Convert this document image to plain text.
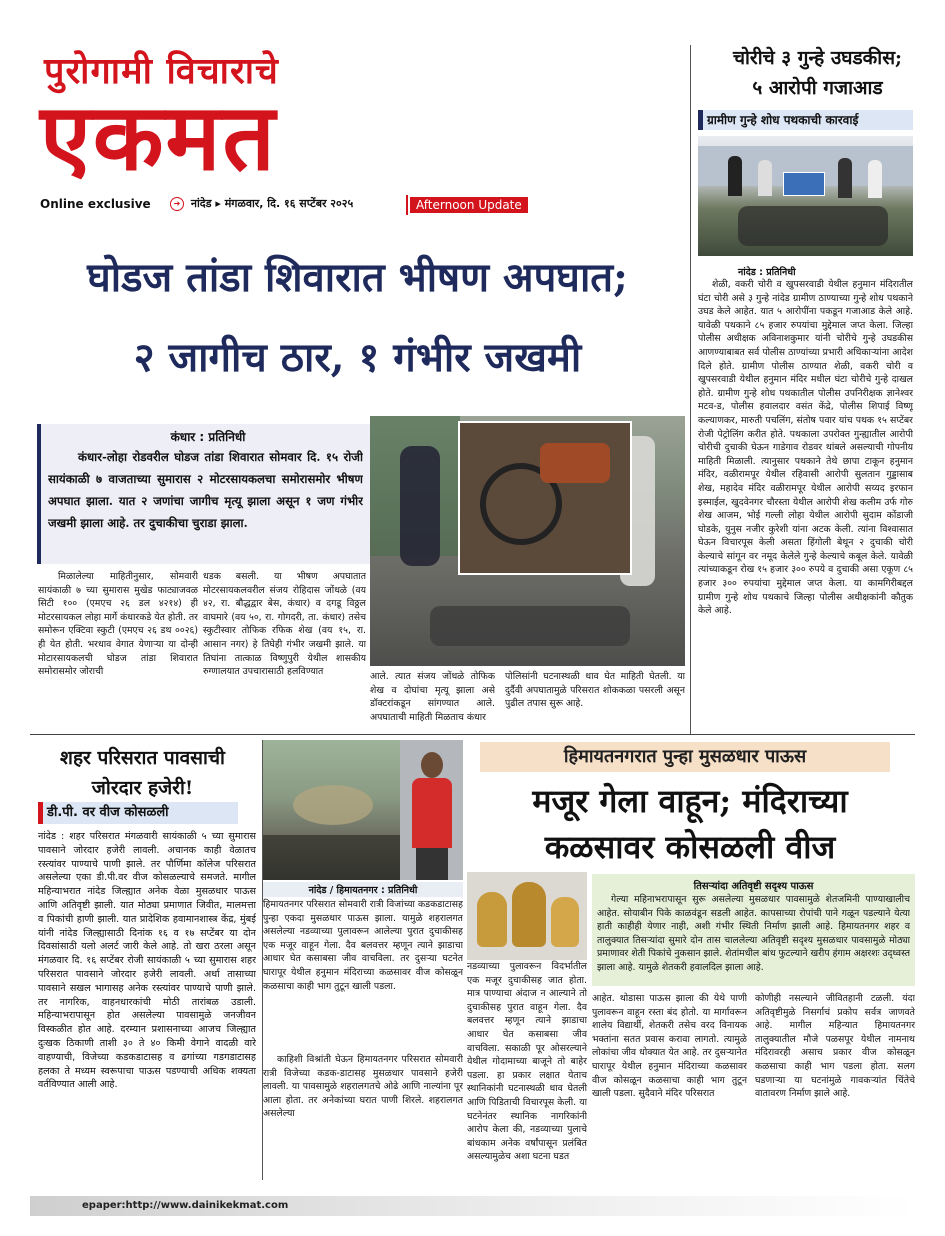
पुरोगामी विचाराचे
एकमत
Online exclusive	➜ नांदेड ▸ मंगळवार, दि. १६ सप्टेंबर २०२५	Afternoon Update
चोरीचे ३ गुन्हे उघडकीस;
५ आरोपी गजाआड
ग्रामीण गुन्हे शोध पथकाची कारवाई
नांदेड : प्रतिनिधी
शेळी, वकरी चोरी व खुपसरवाडी येथील हनुमान मंदिरातील घंटा चोरी असे ३ गुन्हे नांदेड ग्रामीण ठाण्याच्या गुन्हे शोध पथकाने उघड केले आहेत. यात ५ आरोपींना पकडून गजाआड केले आहे. यावेळी पथकाने ८५ हजार रुपयांचा मुद्देमाल जप्त केला. जिल्हा पोलीस अधीक्षक अविनाशकुमार यांनी चोरीचे गुन्हे उघडकीस आणण्याबाबत सर्व पोलीस ठाण्यांच्या प्रभारी अधिकाऱ्यांना आदेश दिले होते. ग्रामीण पोलीस ठाण्यात शेळी, वकरी चोरी व खुपसरवाडी येथील हनुमान मंदिर मधील घंटा चोरीचे गुन्हे दाखल होते. ग्रामीण गुन्हे शोध पथकातील पोलीस उपनिरीक्षक ज्ञानेश्वर मटव-ड, पोलीस हवालदार वसंत केंद्रे, पोलीस शिपाई विष्णू कल्याणकर, मारुती पचलिंग, संतोष पवार यांच पथक १५ सप्टेंबर रोजी पेट्रोलिंग करीत होते. पथकाला उपरोक्त गुन्ह्यातील आरोपी चोरीची दुचाकी घेऊन गाडेगाव रोडवर थांबले असल्याची गोपनीय माहिती मिळाली. त्यानुसार पथकाने तेथे छापा टाकून हनुमान मंदिर, वळीरामपूर येथील रहिवासी आरोपी सुलतान गुड्डासाब शेख, महादेव मंदिर वळीरामपूर येथील आरोपी सय्यद इरफान इस्माईल, खुदवेनगर चौरस्ता येथील आरोपी शेख कलीम उर्फ गोरु शेख आजम, भोई गल्ली लोहा येथील आरोपी सुदाम कोंडाजी घोडके, युनुस नजीर कुरेशी यांना अटक केली. त्यांना विश्वासात घेऊन विचारपूस केली असता हिंगोली बेथून २ दुचाकी चोरी केल्याचे सांगून वर नमूद केलेले गुन्हे केल्याचे कबूल केले. यावेळी त्यांच्याकडून रोख १५ हजार ३०० रुपये व दुचाकी असा एकूण ८५ हजार ३०० रुपयांचा मुद्देमाल जप्त केला. या कामगिरीबद्दल ग्रामीण गुन्हे शोध पथकाचे जिल्हा पोलीस अधीक्षकांनी कौतुक केले आहे.
घोडज तांडा शिवारात भीषण अपघात;
२ जागीच ठार, १ गंभीर जखमी
कंधार : प्रतिनिधी
कंधार-लोहा रोडवरील घोडज तांडा शिवारात सोमवार दि. १५ रोजी सायंकाळी ७ वाजताच्या सुमारास २ मोटरसायकलचा समोरासमोर भीषण अपघात झाला. यात २ जणांचा जागीच मृत्यू झाला असून १ जण गंभीर जखमी झाला आहे. तर दुचाकीचा चुराडा झाला.
मिळालेल्या माहितीनुसार, सोमवारी सायंकाळी ७ च्या सुमारास मुखेड फाट्याजवळ सिटी १०० (एमएच २६ डल ४२१४) ही मोटरसायकल लोहा मार्गे कंधारकडे येत होती. तर समोरून एक्टिवा स्कुटी (एमएच २६ डथ ००२६) ही येत होती. भरधाव वेगात येणाऱ्या या दोन्ही मोटारसायकलची घोडज तांडा शिवारात समोरासमोर जोराची
धडक बसली. या भीषण अपघातात मोटरसायकलवरील संजय रोहिदास जोंधळे (वय ४२, रा. बौद्धद्वार बेस, कंधार) व दगडू विठ्ठल वाघमारे (वय ५०, रा. गोगदरी, ता. कंधार) तसेच स्कुटीस्वार तोफिक रफिक शेख (वय १५, रा. आसान नगर) हे तिघेही गंभीर जखमी झाले. या तिघांना तात्काळ विष्णुपुरी येथील शासकीय रुग्णालयात उपचारासाठी हलविण्यात	आले. त्यात संजय जोंधळे तोफिक शेख व दोघांचा मृत्यू झाला असे डॉक्टरांकडून सांगण्यात आले. अपघाताची माहिती मिळताच कंधार
पोलिसांनी घटनास्थळी धाव घेत माहिती घेतली. या दुर्दैवी अपघातामुळे परिसरात शोककळा पसरली असून पुढील तपास सुरू आहे.
शहर परिसरात पावसाची
जोरदार हजेरी!
डी.पी. वर वीज कोसळली
नांदेड : शहर परिसरात मंगळवारी सायंकाळी ५ च्या सुमारास पावसाने जोरदार हजेरी लावली. अचानक काही वेळातच रस्त्यांवर पाण्याचे पाणी झाले. तर पौर्णिमा कॉलेज परिसरात असलेल्या एका डी.पी.वर वीज कोसळल्याचे समजते. मागील महिन्याभरात नांदेड जिल्ह्यात अनेक वेळा मुसळधार पाऊस आणि अतिवृष्टी झाली. यात मोठ्या प्रमाणात जिवीत, मालमत्ता व पिकांची हाणी झाली. यात प्रादेशिक हवामानशास्त्र केंद्र, मुंबई यांनी नांदेड जिल्ह्यासाठी दिनांक १६ व १७ सप्टेंबर या दोन दिवसांसाठी यलो अलर्ट जारी केले आहे. तो खरा ठरला असून मंगळवार दि. १६ सप्टेंबर रोजी सायंकाळी ५ च्या सुमारास शहर परिसरात पावसाने जोरदार हजेरी लावली. अर्धा तासाच्या पावसाने सखल भागासह अनेक रस्त्यांवर पाण्याचे पाणी झाले. तर नागरिक, वाहनधारकांची मोठी तारांबळ उडाली. महिन्याभरापासून होत असलेल्या पावसामुळे जनजीवन विस्कळीत होत आहे. दरम्यान प्रशासनाच्या आजच जिल्ह्यात दुःखक ठिकाणी ताशी ३० ते ४० किमी वेगाने वादळी वारे वाहण्याची, विजेच्या कडकडाटासह व ढगांच्या गडगडाटासह हलका ते मध्यम स्वरूपाचा पाऊस पडण्याची अधिक शक्यता वर्तविण्यात आली आहे.
हिमायतनगरात पुन्हा मुसळधार पाऊस
मजूर गेला वाहून; मंदिराच्या
कळसावर कोसळली वीज
नांदेड / हिमायतनगर : प्रतिनिधी
हिमायतनगर परिसरात सोमवारी रात्री विजांच्या कडकडाटासह पुन्हा एकदा मुसळधार पाऊस झाला. यामुळे शहरालगत असलेल्या नडव्याच्या पुलावरून आलेल्या पुरात दुचाकीसह एक मजूर वाहून गेला. दैव बलवत्तर म्हणून त्याने झाडाचा आधार घेत कसाबसा जीव वाचविला. तर दुसऱ्या घटनेत घारापूर येथील हनुमान मंदिराच्या कळसावर वीज कोसळून कळसाचा काही भाग तुटून खाली पडला.
काहिशी विश्रांती घेऊन हिमायतनगर परिसरात सोमवारी रात्री विजेच्या कडक-डाटासह मुसळधार पावसाने हजेरी लावली. या पावसामुळे शहरालगतचे ओढे आणि नाल्यांना पूर आला होता. तर अनेकांच्या घरात पाणी शिरले. शहरालगत असलेल्या
नडव्याच्या पुलावरून विदर्भातील एक मजूर दुचाकीसह जात होता. मात्र पाण्याचा अंदाज न आल्याने तो दुचाकीसह पुरात वाहून गेला. दैव बलवत्तर म्हणून त्याने झाडाचा आधार घेत कसाबसा जीव वाचविला. सकाळी पूर ओसरल्याने येथील गोदामाच्या बाजूने तो बाहेर पडला. हा प्रकार लक्षात येताच स्थानिकांनी घटनास्थळी धाव घेतली आणि पिडिताची विचारपूस केली. या घटनेनंतर स्थानिक नागरिकांनी आरोप केला की, नडव्याच्या पुलाचे बांधकाम अनेक वर्षांपासून प्रलंबित असल्यामुळेच अशा घटना घडत
तिसऱ्यांदा अतिवृष्टी सदृश्य पाऊस
गेल्या महिनाभरापासून सुरू असलेल्या मुसळधार पावसामुळे शेतजमिनी पाण्याखालीच आहेत. सोयाबीन पिके काळवंडून सडली आहेत. कापसाच्या रोपांची पाने गळून पडल्याने येत्या हाती काहीही येणार नाही, अशी गंभीर स्थिती निर्माण झाली आहे. हिमायतनगर शहर व तालुक्यात तिसऱ्यांदा सुमारे दोन तास चाललेल्या अतिवृष्टी सदृश्य मुसळधार पावसामुळे मोठ्या प्रमाणावर शेती पिकांचे नुकसान झाले. शेतांमधील बांध फुटल्याने खरीप हंगाम अक्षरशः उद्ध्वस्त झाला आहे. यामुळे शेतकरी हवालदिल झाला आहे.
आहेत. थोडासा पाऊस झाला की येथे पाणी पुलावरून वाहून रस्ता बंद होतो. या मार्गावरून शालेय विद्यार्थी, शेतकरी तसेच वरद विनायक भक्तांना सतत प्रवास करावा लागतो. त्यामुळे लोकांचा जीव धोक्यात येत आहे. तर दुसऱ्यानेत घारापूर येथील हनुमान मंदिराच्या कळसावर वीज कोसळून कळसाचा काही भाग तुटून खाली पडला. सुदैवाने मंदिर परिसरात
कोणीही नसल्याने जीवितहानी टळली. यंदा अतिवृष्टीमुळे निसर्गाचं प्रकोप सर्वत्र जाणवते आहे. मागील महिन्यात हिमायतनगर तालुक्यातील मौजे पळसपूर येथील नामनाथ मंदिरावरही असाच प्रकार वीज कोसळून कळसाचा काही भाग पडला होता. सलग घडणाऱ्या या घटनांमुळे गावकऱ्यांत चिंतेचे वातावरण निर्माण झाले आहे.
epaper:http://www.dainikekmat.com
